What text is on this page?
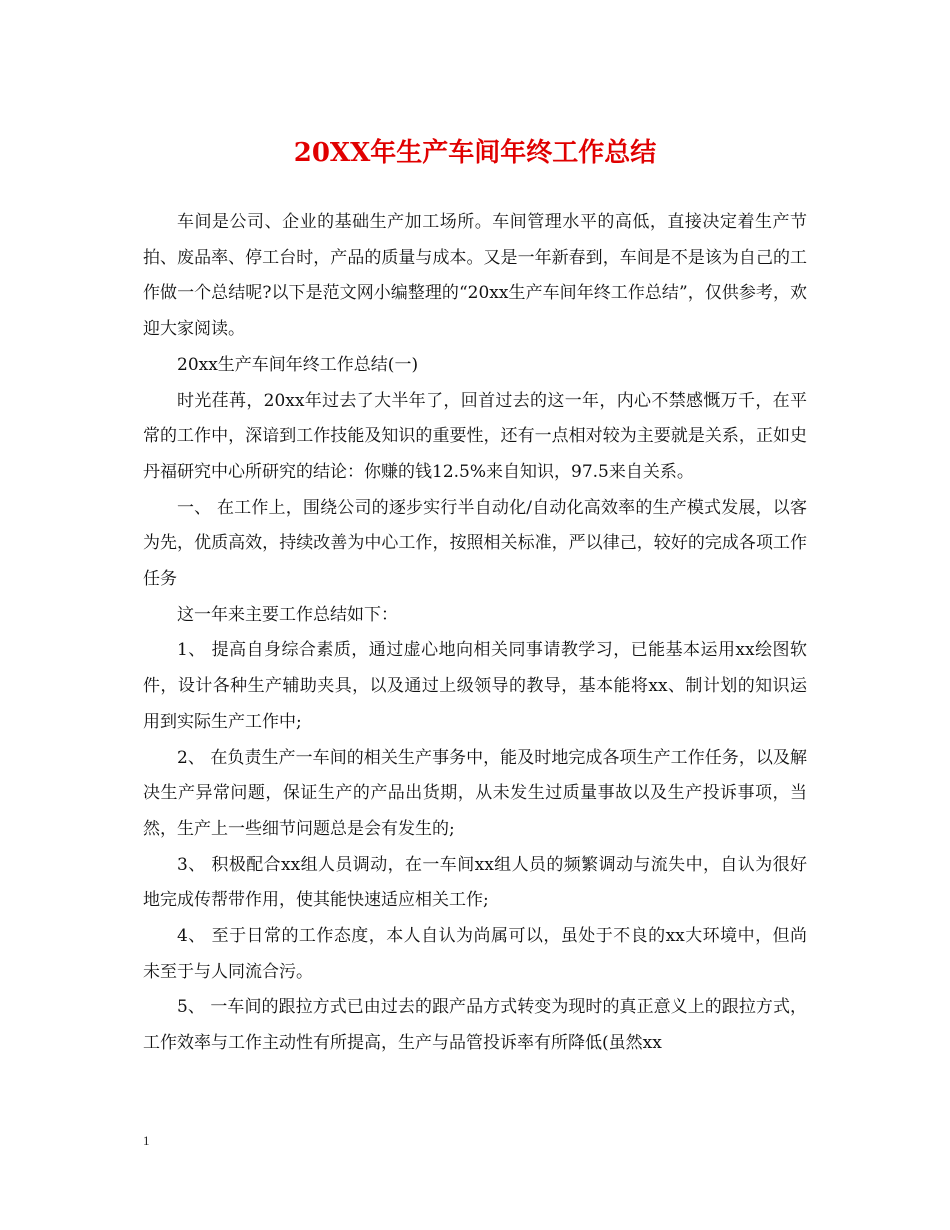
20XX年生产车间年终工作总结

车间是公司、企业的基础生产加工场所。车间管理水平的高低，直接决定着生产节拍、废品率、停工台时，产品的质量与成本。又是一年新春到，车间是不是该为自己的工作做一个总结呢?以下是范文网小编整理的“20xx生产车间年终工作总结”，仅供参考，欢迎大家阅读。

20xx生产车间年终工作总结(一)

时光荏苒，20xx年过去了大半年了，回首过去的这一年，内心不禁感慨万千，在平常的工作中，深谙到工作技能及知识的重要性，还有一点相对较为主要就是关系，正如史丹福研究中心所研究的结论：你赚的钱12.5%来自知识，97.5来自关系。

一、 在工作上，围绕公司的逐步实行半自动化/自动化高效率的生产模式发展，以客为先，优质高效，持续改善为中心工作，按照相关标准，严以律己，较好的完成各项工作任务

这一年来主要工作总结如下：

1、 提高自身综合素质，通过虚心地向相关同事请教学习，已能基本运用xx绘图软件，设计各种生产辅助夹具，以及通过上级领导的教导，基本能将xx、制计划的知识运用到实际生产工作中;

2、 在负责生产一车间的相关生产事务中，能及时地完成各项生产工作任务，以及解决生产异常问题，保证生产的产品出货期，从未发生过质量事故以及生产投诉事项，当然，生产上一些细节问题总是会有发生的;

3、 积极配合xx组人员调动，在一车间xx组人员的频繁调动与流失中，自认为很好地完成传帮带作用，使其能快速适应相关工作;

4、 至于日常的工作态度，本人自认为尚属可以，虽处于不良的xx大环境中，但尚未至于与人同流合污。

5、 一车间的跟拉方式已由过去的跟产品方式转变为现时的真正意义上的跟拉方式，工作效率与工作主动性有所提高，生产与品管投诉率有所降低(虽然xx

1
